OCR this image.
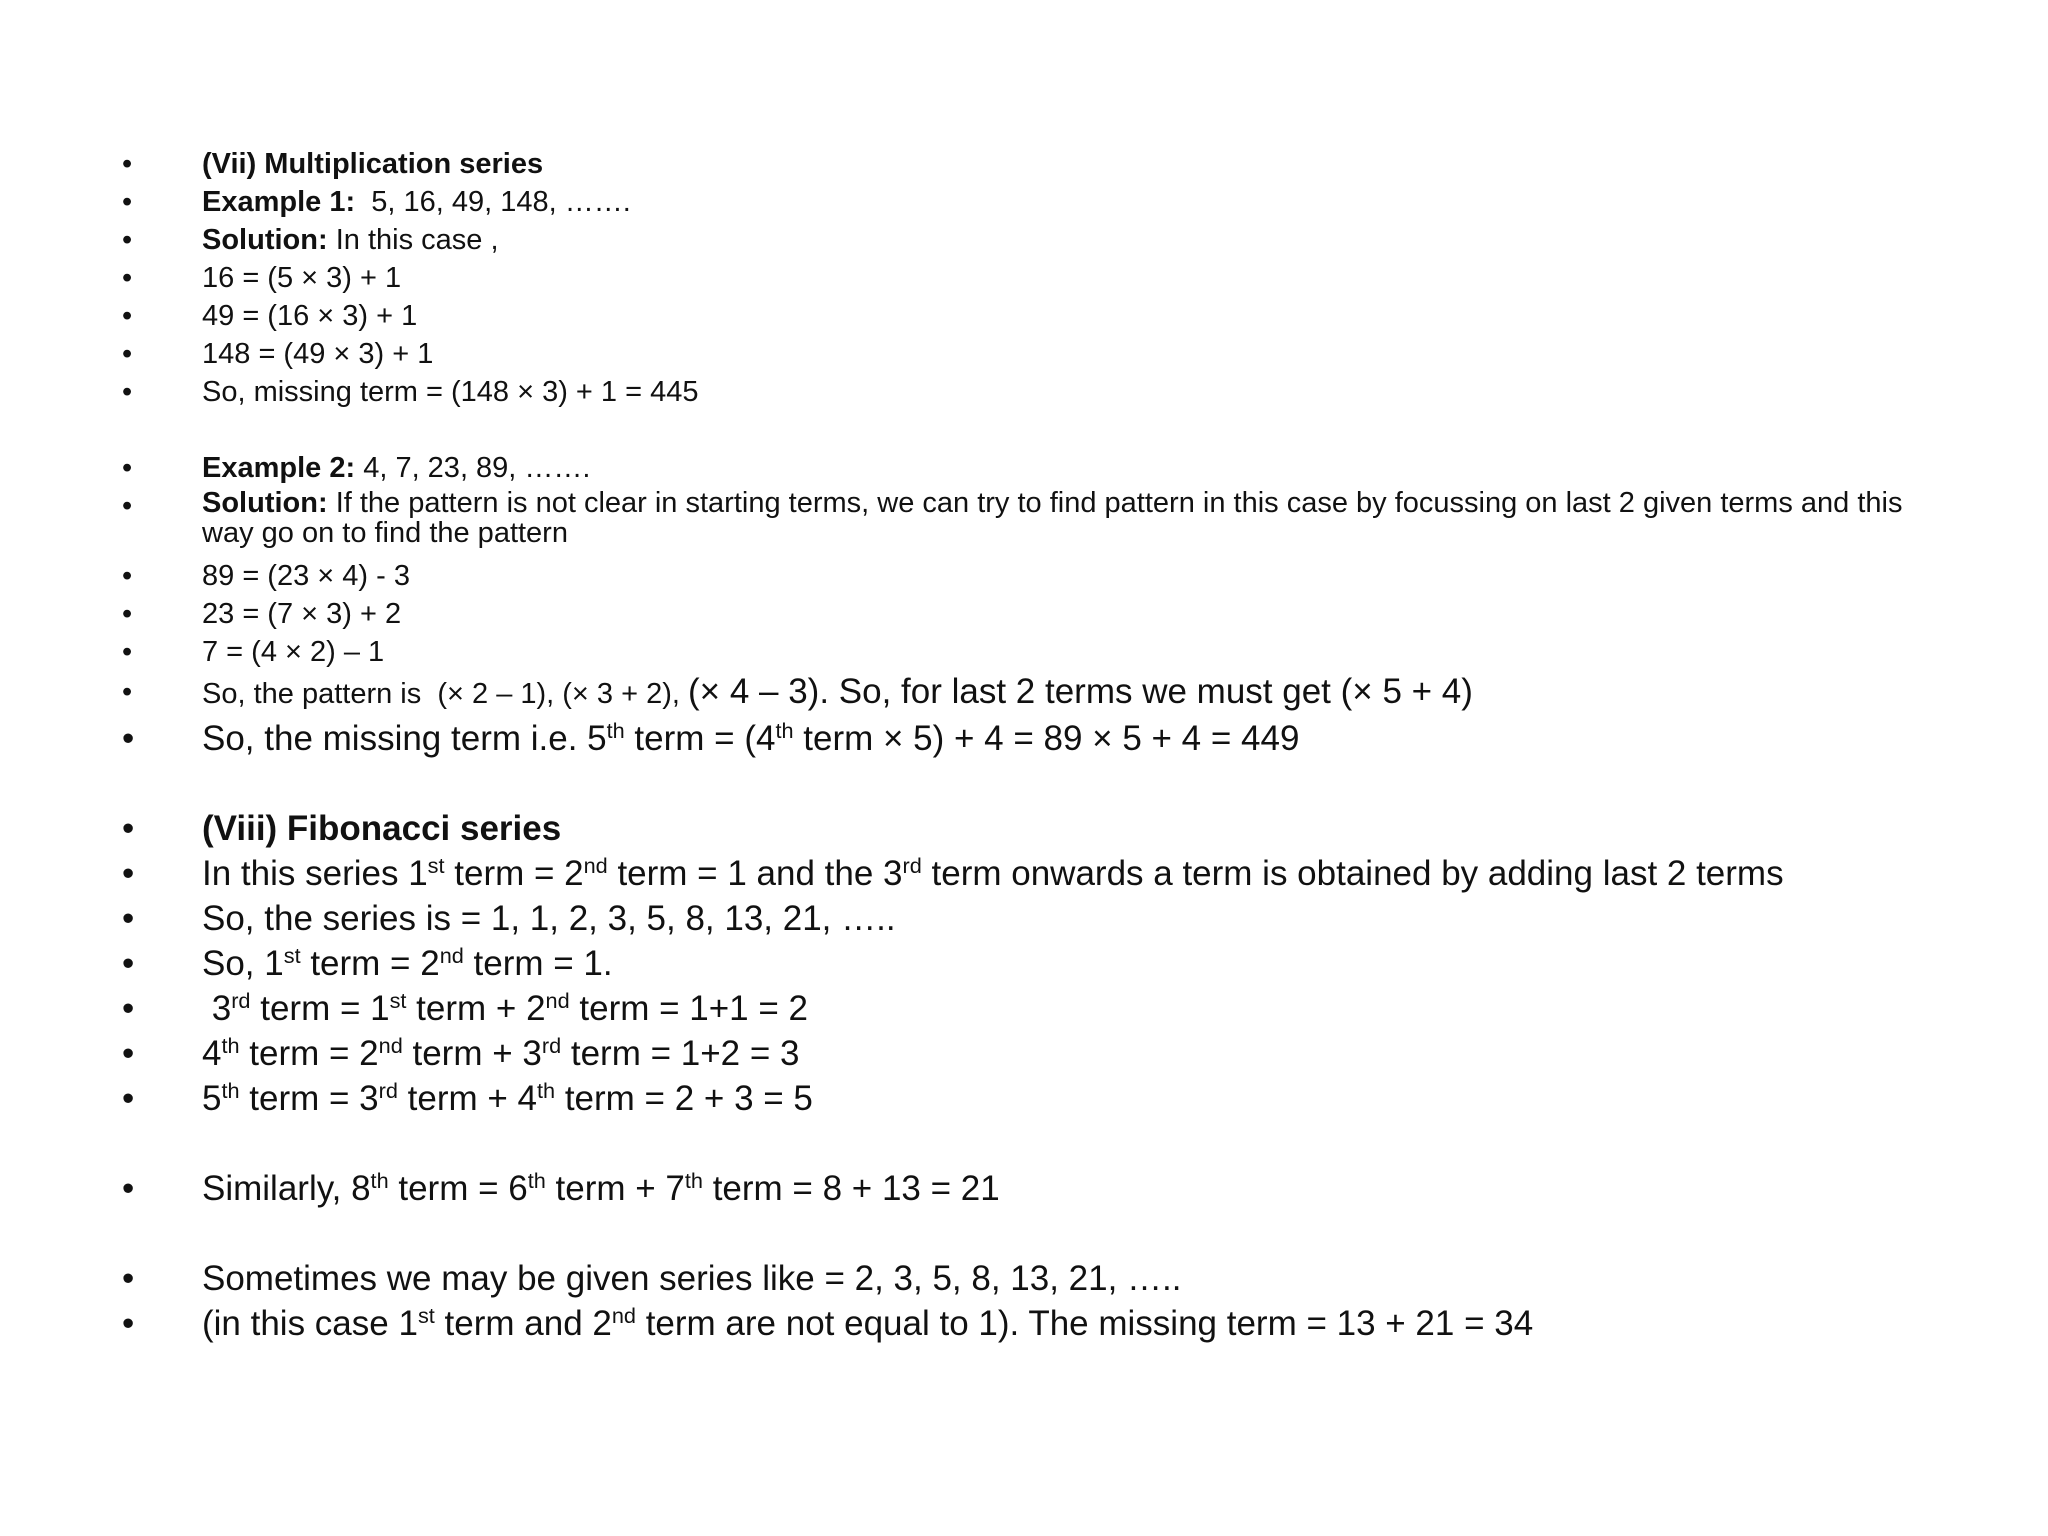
• (Vii) Multiplication series
• Example 1:  5, 16, 49, 148, …….
• Solution: In this case ,
• 16 = (5 × 3) + 1
• 49 = (16 × 3) + 1
• 148 = (49 × 3) + 1
• So, missing term = (148 × 3) + 1 = 445
• Example 2: 4, 7, 23, 89, …….
• Solution: If the pattern is not clear in starting terms, we can try to find pattern in this case by focussing on last 2 given terms and this way go on to find the pattern
• 89 = (23 × 4) - 3
• 23 = (7 × 3) + 2
• 7 = (4 × 2) – 1
• So, the pattern is  (× 2 – 1), (× 3 + 2), (× 4 – 3). So, for last 2 terms we must get (× 5 + 4)
• So, the missing term i.e. 5th term = (4th term × 5) + 4 = 89 × 5 + 4 = 449
• (Viii) Fibonacci series
• In this series 1st term = 2nd term = 1 and the 3rd term onwards a term is obtained by adding last 2 terms
• So, the series is = 1, 1, 2, 3, 5, 8, 13, 21, …..
• So, 1st term = 2nd term = 1.
• 3rd term = 1st term + 2nd term = 1+1 = 2
• 4th term = 2nd term + 3rd term = 1+2 = 3
• 5th term = 3rd term + 4th term = 2 + 3 = 5
• Similarly, 8th term = 6th term + 7th term = 8 + 13 = 21
• Sometimes we may be given series like = 2, 3, 5, 8, 13, 21, …..
• (in this case 1st term and 2nd term are not equal to 1). The missing term = 13 + 21 = 34
